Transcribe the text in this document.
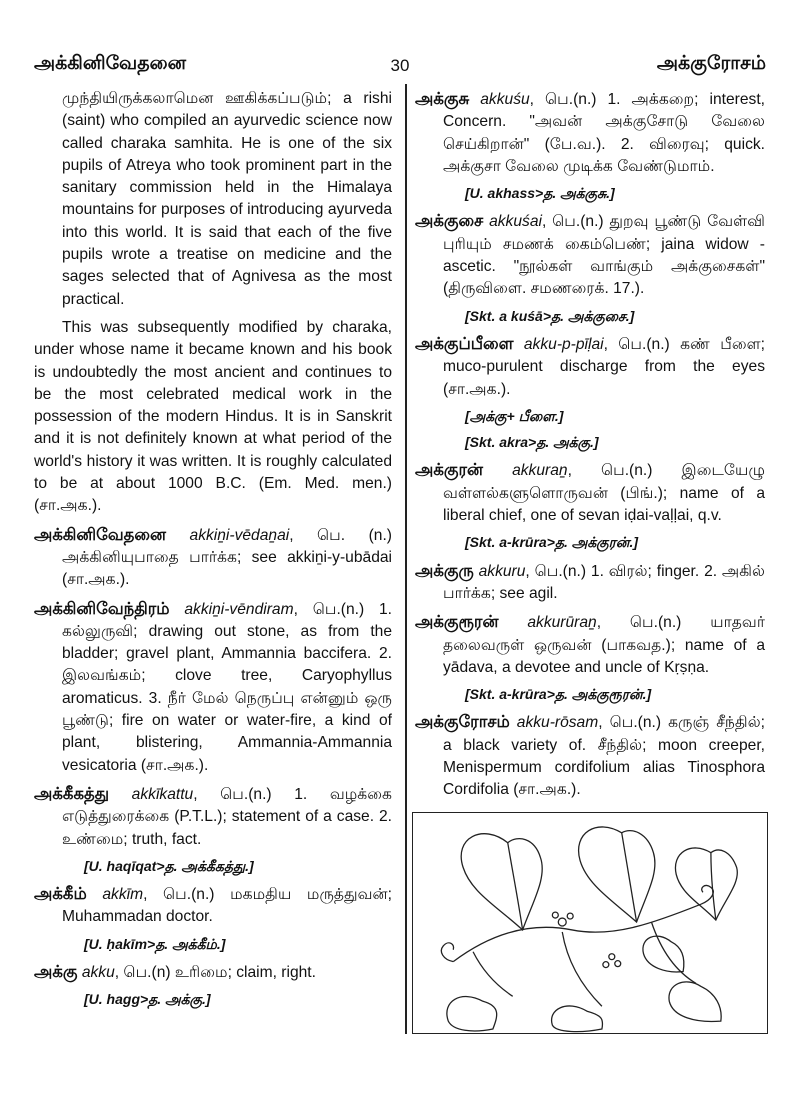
அக்கினிவேதனை	30	அக்குரோசம்
முந்தியிருக்கலாமென ஊகிக்கப்படும்; a rishi (saint) who compiled an ayurvedic science now called charaka samhita. He is one of the six pupils of Atreya who took prominent part in the sanitary commission held in the Himalaya mountains for purposes of introducing ayurveda into this world. It is said that each of the five pupils wrote a treatise on medicine and the sages selected that of Agnivesa as the most practical.
This was subsequently modified by charaka, under whose name it became known and his book is undoubtedly the most ancient and continues to be the most celebrated medical work in the possession of the modern Hindus. It is in Sanskrit and it is not definitely known at what period of the world's history it was written. It is roughly calculated to be at about 1000 B.C. (Em. Med. men.) (சா.அக.).
அக்கினிவேதனை akkiṉi-vēdaṉai, பெ. (n.) அக்கினியுபாதை பார்க்க; see akkiṉi-y-ubādai (சா.அக.).
அக்கினிவேந்திரம் akkiṉi-vēndiram, பெ.(n.) 1. கல்லுருவி; drawing out stone, as from the bladder; gravel plant, Ammannia baccifera. 2. இலவங்கம்; clove tree, Caryophyllus aromaticus. 3. நீர் மேல் நெருப்பு என்னும் ஒரு பூண்டு; fire on water or water-fire, a kind of plant, blistering, Ammannia-Ammannia vesicatoria (சா.அக.).
அக்கீகத்து akkīkattu, பெ.(n.) 1. வழக்கை எடுத்துரைக்கை (P.T.L.); statement of a case. 2. உண்மை; truth, fact.
[U. haqīqat>த. அக்கீகத்து.]
அக்கீம் akkīm, பெ.(n.) மகமதிய மருத்துவன்; Muhammadan doctor.
[U. ḥakīm>த. அக்கீம்.]
அக்கு akku, பெ.(n) உரிமை; claim, right.
[U. hagg>த. அக்கு.]
அக்குசு akkuśu, பெ.(n.) 1. அக்கறை; interest, Concern. "அவன் அக்குசோடு வேலை செய்கிறான்" (பே.வ.). 2. விரைவு; quick. அக்குசா வேலை முடிக்க வேண்டுமாம்.
[U. akhass>த. அக்குசு.]
அக்குசை akkuśai, பெ.(n.) துறவு பூண்டு வேள்வி புரியும் சமணக் கைம்பெண்; jaina widow - ascetic. "நூல்கள் வாங்கும் அக்குசைகள்" (திருவிளை. சமணரைக். 17.).
[Skt. a kuśā>த. அக்குசை.]
அக்குப்பீளை akku-p-pīḷai, பெ.(n.) கண் பீளை; muco-purulent discharge from the eyes (சா.அக.).
[அக்கு+ பீளை.]
[Skt. akra>த. அக்கு.]
அக்குரன் akkuraṉ, பெ.(n.) இடையேழு வள்ளல்களுளொருவன் (பிங்.); name of a liberal chief, one of sevan iḍai-vaḷḷai, q.v.
[Skt. a-krūra>த. அக்குரன்.]
அக்குரு akkuru, பெ.(n.) 1. விரல்; finger. 2. அகில் பார்க்க; see agil.
அக்குரூரன் akkurūraṉ, பெ.(n.) யாதவர் தலைவருள் ஒருவன் (பாகவத.); name of a yādava, a devotee and uncle of Kṛṣṇa.
[Skt. a-krūra>த. அக்குரூரன்.]
அக்குரோசம் akku-rōsam, பெ.(n.) கருஞ் சீந்தில்; a black variety of. சீந்தில்; moon creeper, Menispermum cordifolium alias Tinosphora Cordifolia (சா.அக.).
